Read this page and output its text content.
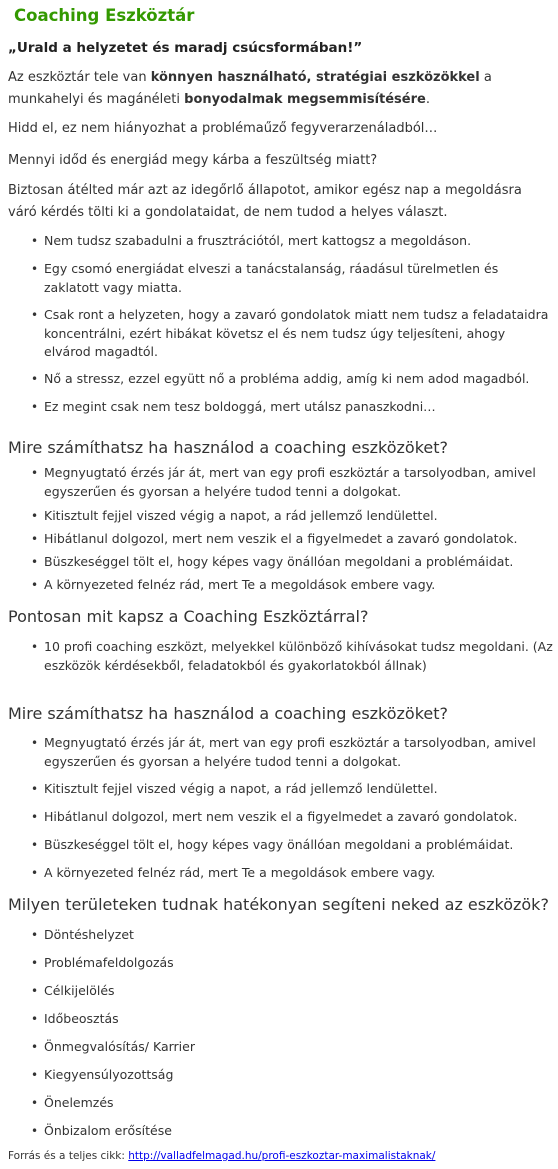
Coaching Eszköztár

„Urald a helyzetet és maradj csúcsformában!”

Az eszköztár tele van könnyen használható, stratégiai eszközökkel a munkahelyi és magánéleti bonyodalmak megsemmisítésére.

Hidd el, ez nem hiányozhat a problémaűző fegyverarzenáladból…

Mennyi időd és energiád megy kárba a feszültség miatt?

Biztosan átélted már azt az idegőrlő állapotot, amikor egész nap a megoldásra váró kérdés tölti ki a gondolataidat, de nem tudod a helyes választ.

• Nem tudsz szabadulni a frusztrációtól, mert kattogsz a megoldáson.
• Egy csomó energiádat elveszi a tanácstalanság, ráadásul türelmetlen és zaklatott vagy miatta.
• Csak ront a helyzeten, hogy a zavaró gondolatok miatt nem tudsz a feladataidra koncentrálni, ezért hibákat követsz el és nem tudsz úgy teljesíteni, ahogy elvárod magadtól.
• Nő a stressz, ezzel együtt nő a probléma addig, amíg ki nem adod magadból.
• Ez megint csak nem tesz boldoggá, mert utálsz panaszkodni…
Mire számíthatsz ha használod a coaching eszközöket?
• Megnyugtató érzés jár át, mert van egy profi eszköztár a tarsolyodban, amivel egyszerűen és gyorsan a helyére tudod tenni a dolgokat.
• Kitisztult fejjel viszed végig a napot, a rád jellemző lendülettel.
• Hibátlanul dolgozol, mert nem veszik el a figyelmedet a zavaró gondolatok.
• Büszkeséggel tölt el, hogy képes vagy önállóan megoldani a problémáidat.
• A környezeted felnéz rád, mert Te a megoldások embere vagy.
Pontosan mit kapsz a Coaching Eszköztárral?
• 10 profi coaching eszközt, melyekkel különböző kihívásokat tudsz megoldani. (Az eszközök kérdésekből, feladatokból és gyakorlatokból állnak)
Mire számíthatsz ha használod a coaching eszközöket?
• Megnyugtató érzés jár át, mert van egy profi eszköztár a tarsolyodban, amivel egyszerűen és gyorsan a helyére tudod tenni a dolgokat.
• Kitisztult fejjel viszed végig a napot, a rád jellemző lendülettel.
• Hibátlanul dolgozol, mert nem veszik el a figyelmedet a zavaró gondolatok.
• Büszkeséggel tölt el, hogy képes vagy önállóan megoldani a problémáidat.
• A környezeted felnéz rád, mert Te a megoldások embere vagy.
Milyen területeken tudnak hatékonyan segíteni neked az eszközök?
• Döntéshelyzet
• Problémafeldolgozás
• Célkijelölés
• Időbeosztás
• Önmegvalósítás/ Karrier
• Kiegyensúlyozottság
• Önelemzés
• Önbizalom erősítése
Forrás és a teljes cikk: http://valladfelmagad.hu/profi-eszkoztar-maximalistaknak/
